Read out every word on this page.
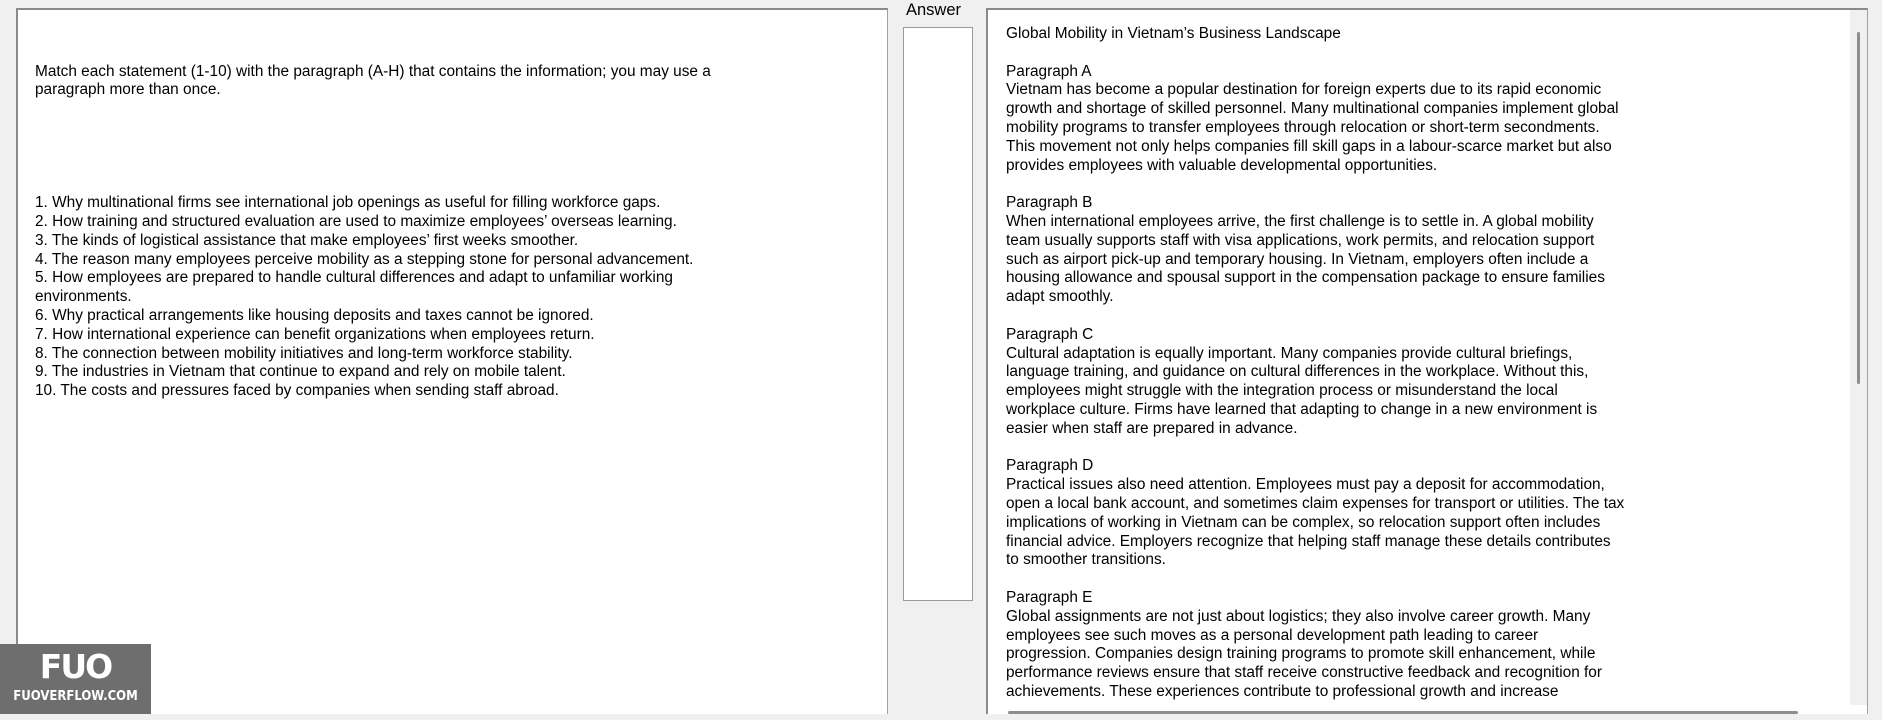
Match each statement (1-10) with the paragraph (A-H) that contains the information; you may use a paragraph more than once.

1. Why multinational firms see international job openings as useful for filling workforce gaps.
2. How training and structured evaluation are used to maximize employees’ overseas learning.
3. The kinds of logistical assistance that make employees’ first weeks smoother.
4. The reason many employees perceive mobility as a stepping stone for personal advancement.
5. How employees are prepared to handle cultural differences and adapt to unfamiliar working environments.
6. Why practical arrangements like housing deposits and taxes cannot be ignored.
7. How international experience can benefit organizations when employees return.
8. The connection between mobility initiatives and long-term workforce stability.
9. The industries in Vietnam that continue to expand and rely on mobile talent.
10. The costs and pressures faced by companies when sending staff abroad.

Answer
Global Mobility in Vietnam’s Business Landscape
Paragraph A
Vietnam has become a popular destination for foreign experts due to its rapid economic
growth and shortage of skilled personnel. Many multinational companies implement global
mobility programs to transfer employees through relocation or short-term secondments.
This movement not only helps companies fill skill gaps in a labour-scarce market but also
provides employees with valuable developmental opportunities.
Paragraph B
When international employees arrive, the first challenge is to settle in. A global mobility
team usually supports staff with visa applications, work permits, and relocation support
such as airport pick-up and temporary housing. In Vietnam, employers often include a
housing allowance and spousal support in the compensation package to ensure families
adapt smoothly.
Paragraph C
Cultural adaptation is equally important. Many companies provide cultural briefings,
language training, and guidance on cultural differences in the workplace. Without this,
employees might struggle with the integration process or misunderstand the local
workplace culture. Firms have learned that adapting to change in a new environment is
easier when staff are prepared in advance.
Paragraph D
Practical issues also need attention. Employees must pay a deposit for accommodation,
open a local bank account, and sometimes claim expenses for transport or utilities. The tax
implications of working in Vietnam can be complex, so relocation support often includes
financial advice. Employers recognize that helping staff manage these details contributes
to smoother transitions.
Paragraph E
Global assignments are not just about logistics; they also involve career growth. Many
employees see such moves as a personal development path leading to career
progression. Companies design training programs to promote skill enhancement, while
performance reviews ensure that staff receive constructive feedback and recognition for
achievements. These experiences contribute to professional growth and increase
FUO
FUOVERFLOW.COM
